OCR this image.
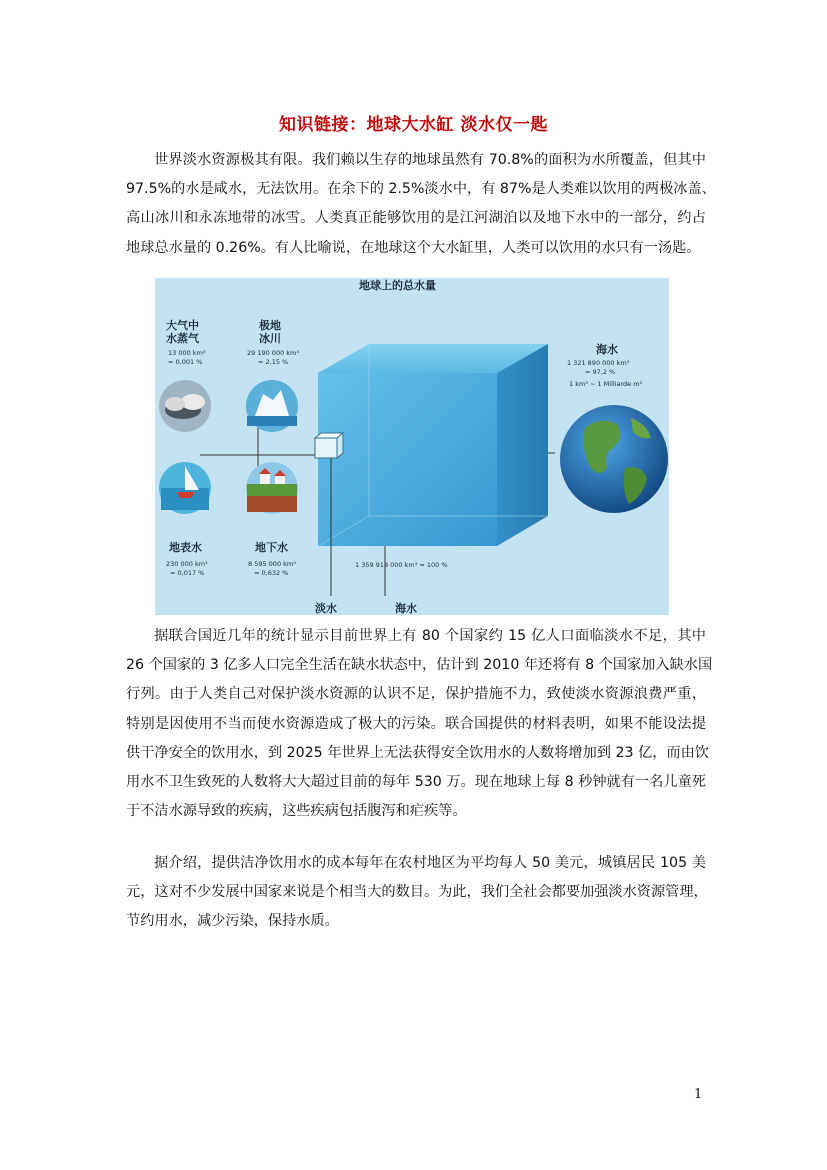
知识链接：地球大水缸 淡水仅一匙
世界淡水资源极其有限。我们赖以生存的地球虽然有 70.8%的面积为水所覆盖，但其中
97.5%的水是咸水，无法饮用。在余下的 2.5%淡水中，有 87%是人类难以饮用的两极冰盖、
高山冰川和永冻地带的冰雪。人类真正能够饮用的是江河湖泊以及地下水中的一部分，约占
地球总水量的 0.26%。有人比喻说，在地球这个大水缸里，人类可以饮用的水只有一汤匙。
地球上的总水量
大气中
水蒸气
13 000 km³
= 0,001 %
极地
冰川
29 190 000 km³
= 2,15 %
海水
1 321 890 000 km³
= 97,2 %
1 km³ ~ 1 Milliarde m³
地表水
230 000 km³
= 0,017 %
地下水
8 595 000 km³
= 0,632 %
1 359 918 000 km³ = 100 %
淡水	海水
据联合国近几年的统计显示目前世界上有 80 个国家约 15 亿人口面临淡水不足，其中
26 个国家的 3 亿多人口完全生活在缺水状态中，估计到 2010 年还将有 8 个国家加入缺水国
行列。由于人类自己对保护淡水资源的认识不足，保护措施不力，致使淡水资源浪费严重，
特别是因使用不当而使水资源造成了极大的污染。联合国提供的材料表明，如果不能设法提
供干净安全的饮用水，到 2025 年世界上无法获得安全饮用水的人数将增加到 23 亿，而由饮
用水不卫生致死的人数将大大超过目前的每年 530 万。现在地球上每 8 秒钟就有一名儿童死
于不洁水源导致的疾病，这些疾病包括腹泻和疟疾等。
据介绍，提供洁净饮用水的成本每年在农村地区为平均每人 50 美元，城镇居民 105 美
元，这对不少发展中国家来说是个相当大的数目。为此，我们全社会都要加强淡水资源管理，
节约用水，减少污染，保持水质。
1
